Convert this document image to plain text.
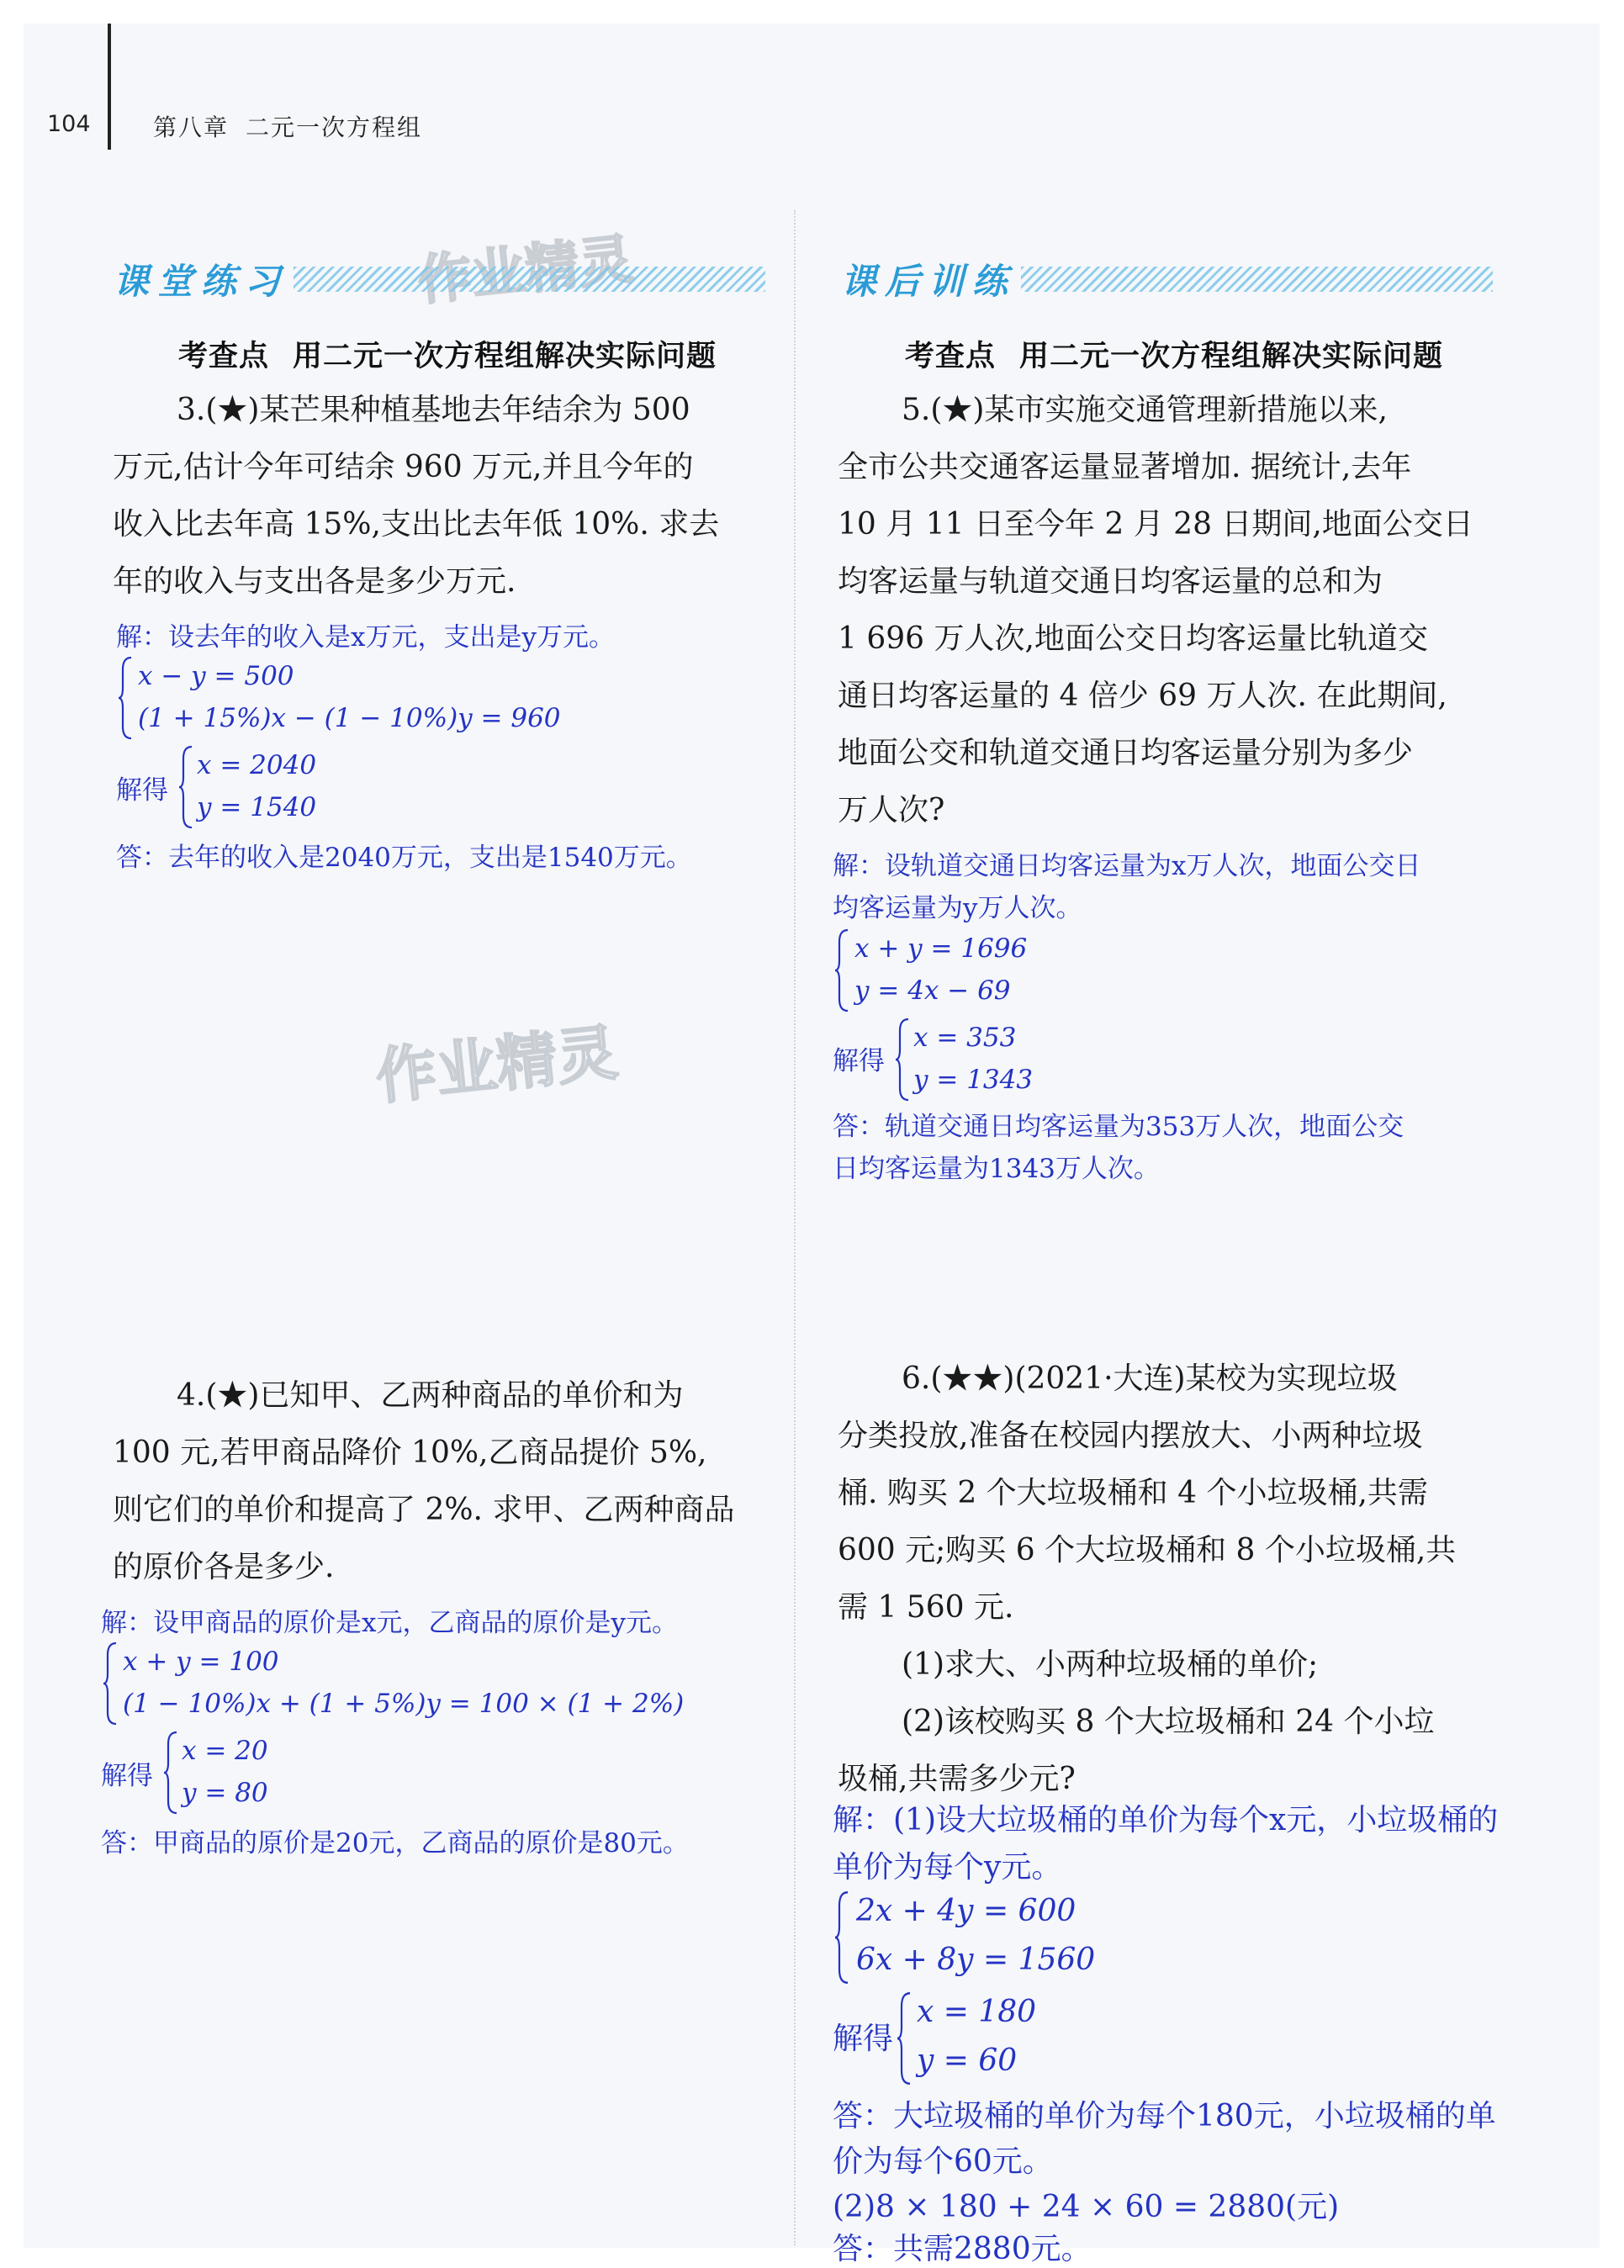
104	第八章 二元一次方程组
作业精灵
课堂练习
考查点 用二元一次方程组解决实际问题

3.(★)某芒果种植基地去年结余为 500

万元,估计今年可结余 960 万元,并且今年的

收入比去年高 15%,支出比去年低 10%. 求去

年的收入与支出各是多少万元.

解：设去年的收入是x万元，支出是y万元。
x − y = 500
(1 + 15%)x − (1 − 10%)y = 960
解得
x = 2040
y = 1540
答：去年的收入是2040万元，支出是1540万元。

4.(★)已知甲、乙两种商品的单价和为

100 元,若甲商品降价 10%,乙商品提价 5%,

则它们的单价和提高了 2%. 求甲、乙两种商品

的原价各是多少.

解：设甲商品的原价是x元，乙商品的原价是y元。
x + y = 100
(1 − 10%)x + (1 + 5%)y = 100 × (1 + 2%)
解得
x = 20
y = 80
答：甲商品的原价是20元，乙商品的原价是80元。
课后训练
考查点 用二元一次方程组解决实际问题

5.(★)某市实施交通管理新措施以来,

全市公共交通客运量显著增加. 据统计,去年

10 月 11 日至今年 2 月 28 日期间,地面公交日

均客运量与轨道交通日均客运量的总和为

1 696 万人次,地面公交日均客运量比轨道交

通日均客运量的 4 倍少 69 万人次. 在此期间,

地面公交和轨道交通日均客运量分别为多少

万人次?

解：设轨道交通日均客运量为x万人次，地面公交日
均客运量为y万人次。
x + y = 1696
y = 4x − 69
解得
x = 353
y = 1343
答：轨道交通日均客运量为353万人次，地面公交
日均客运量为1343万人次。

6.(★★)(2021·大连)某校为实现垃圾

分类投放,准备在校园内摆放大、小两种垃圾

桶. 购买 2 个大垃圾桶和 4 个小垃圾桶,共需

600 元;购买 6 个大垃圾桶和 8 个小垃圾桶,共

需 1 560 元.

(1)求大、小两种垃圾桶的单价;

(2)该校购买 8 个大垃圾桶和 24 个小垃

圾桶,共需多少元?

解：(1)设大垃圾桶的单价为每个x元，小垃圾桶的
单价为每个y元。
2x + 4y = 600
6x + 8y = 1560
解得
x = 180
y = 60
答：大垃圾桶的单价为每个180元，小垃圾桶的单
价为每个60元。
(2)8 × 180 + 24 × 60 = 2880(元)
答：共需2880元。
